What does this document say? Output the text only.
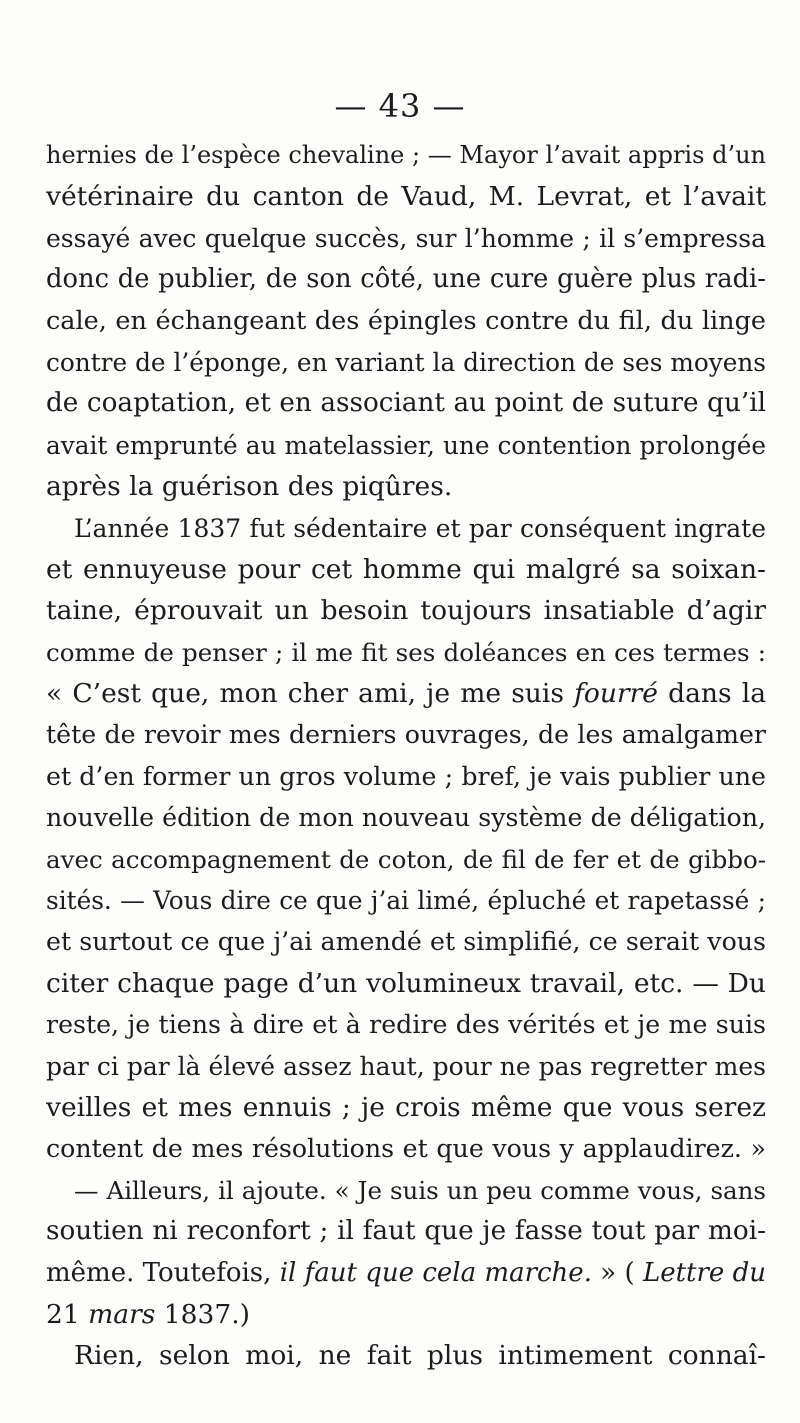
— 43 —
hernies de l’espèce chevaline ; — Mayor l’avait appris d’un
vétérinaire du canton de Vaud, M. Levrat, et l’avait
essayé avec quelque succès, sur l’homme ; il s’empressa
donc de publier, de son côté, une cure guère plus radi-
cale, en échangeant des épingles contre du fil, du linge
contre de l’éponge, en variant la direction de ses moyens
de coaptation, et en associant au point de suture qu’il
avait emprunté au matelassier, une contention prolongée
après la guérison des piqûres.
L’année 1837 fut sédentaire et par conséquent ingrate
et ennuyeuse pour cet homme qui malgré sa soixan-
taine, éprouvait un besoin toujours insatiable d’agir
comme de penser ; il me fit ses doléances en ces termes :
« C’est que, mon cher ami, je me suis fourré dans la
tête de revoir mes derniers ouvrages, de les amalgamer
et d’en former un gros volume ; bref, je vais publier une
nouvelle édition de mon nouveau système de déligation,
avec accompagnement de coton, de fil de fer et de gibbo-
sités. — Vous dire ce que j’ai limé, épluché et rapetassé ;
et surtout ce que j’ai amendé et simplifié, ce serait vous
citer chaque page d’un volumineux travail, etc. — Du
reste, je tiens à dire et à redire des vérités et je me suis
par ci par là élevé assez haut, pour ne pas regretter mes
veilles et mes ennuis ; je crois même que vous serez
content de mes résolutions et que vous y applaudirez. »
— Ailleurs, il ajoute. « Je suis un peu comme vous, sans
soutien ni reconfort ; il faut que je fasse tout par moi-
même. Toutefois, il faut que cela marche. » ( Lettre du
21 mars 1837.)
Rien, selon moi, ne fait plus intimement connaî-
